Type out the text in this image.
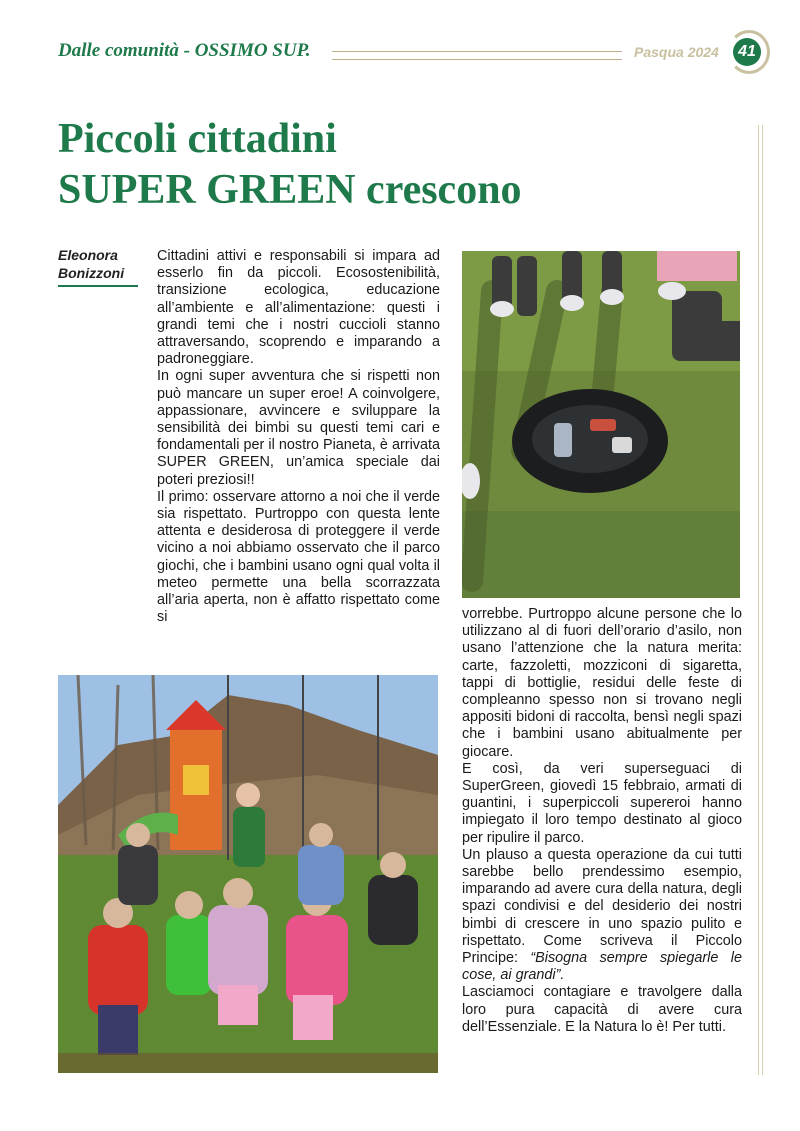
Dalle comunità - OSSIMO SUP.	Pasqua 2024	41
Piccoli cittadini
SUPER GREEN crescono
Eleonora
Bonizzoni

Cittadini attivi e responsabili si impara ad esserlo fin da piccoli. Ecosostenibilità, transizione ecologica, educazione all’ambiente e all’alimentazione: questi i grandi temi che i nostri cuccioli stanno attraversando, scoprendo e imparando a padroneggiare.

In ogni super avventura che si rispetti non può mancare un super eroe! A coinvolgere, appassionare, avvincere e sviluppare la sensibilità dei bimbi su questi temi cari e fondamentali per il nostro Pianeta, è arrivata SUPER GREEN, un’amica speciale dai poteri preziosi!!

Il primo: osservare attorno a noi che il verde sia rispettato. Purtroppo con questa lente attenta e desiderosa di proteggere il verde vicino a noi abbiamo osservato che il parco giochi, che i bambini usano ogni qual volta il meteo permette una bella scorrazzata all’aria aperta, non è affatto rispettato come si	vorrebbe. Purtroppo alcune persone che lo utilizzano al di fuori dell’orario d’asilo, non usano l’attenzione che la natura merita: carte, fazzoletti, mozziconi di sigaretta, tappi di bottiglie, residui delle feste di compleanno spesso non si trovano negli appositi bidoni di raccolta, bensì negli spazi che i bambini usano abitualmente per giocare.

E così, da veri superseguaci di SuperGreen, giovedì 15 febbraio, armati di guantini, i superpiccoli supereroi hanno impiegato il loro tempo destinato al gioco per ripulire il parco.

Un plauso a questa operazione da cui tutti sarebbe bello prendessimo esempio, imparando ad avere cura della natura, degli spazi condivisi e del desiderio dei nostri bimbi di crescere in uno spazio pulito e rispettato. Come scriveva il Piccolo Principe: “Bisogna sempre spiegarle le cose, ai grandi”.

Lasciamoci contagiare e travolgere dalla loro pura capacità di avere cura dell’Essenziale. E la Natura lo è! Per tutti.
